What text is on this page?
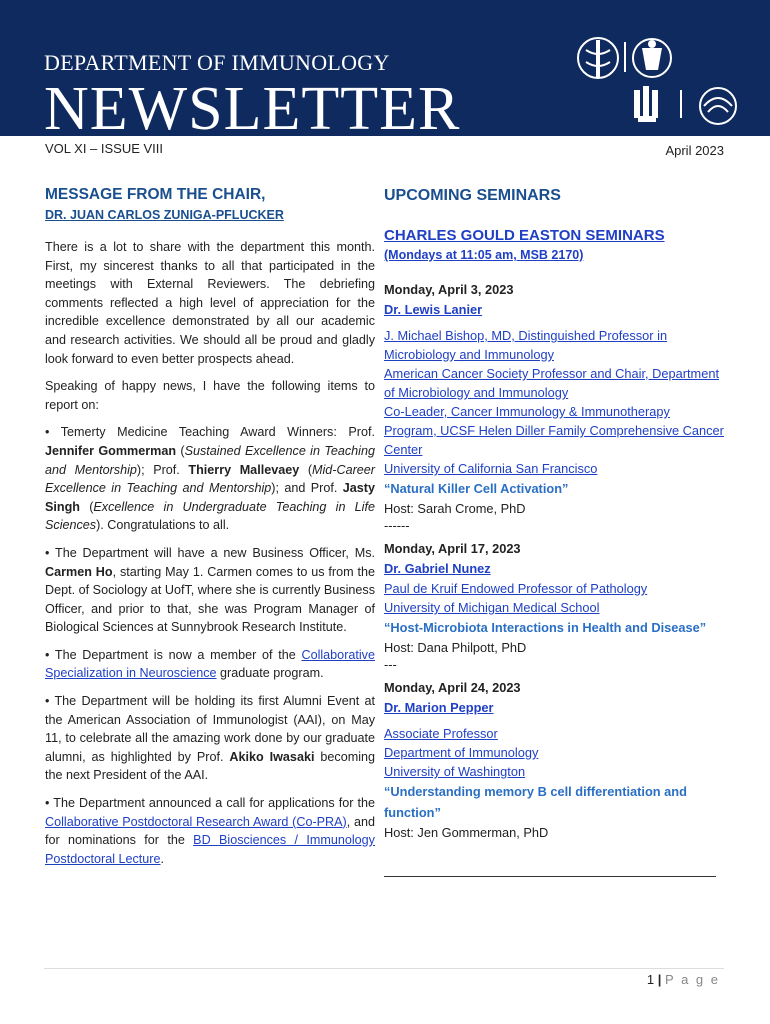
DEPARTMENT OF IMMUNOLOGY
NEWSLETTER
VOL XI – ISSUE VIII	April 2023
MESSAGE FROM THE CHAIR,
DR. JUAN CARLOS ZUNIGA-PFLUCKER

There is a lot to share with the department this month. First, my sincerest thanks to all that participated in the meetings with External Reviewers. The debriefing comments reflected a high level of appreciation for the incredible excellence demonstrated by all our academic and research activities. We should all be proud and gladly look forward to even better prospects ahead.

Speaking of happy news, I have the following items to report on:

• Temerty Medicine Teaching Award Winners: Prof. Jennifer Gommerman (Sustained Excellence in Teaching and Mentorship); Prof. Thierry Mallevaey (Mid-Career Excellence in Teaching and Mentorship); and Prof. Jasty Singh (Excellence in Undergraduate Teaching in Life Sciences). Congratulations to all.

• The Department will have a new Business Officer, Ms. Carmen Ho, starting May 1. Carmen comes to us from the Dept. of Sociology at UofT, where she is currently Business Officer, and prior to that, she was Program Manager of Biological Sciences at Sunnybrook Research Institute.

• The Department is now a member of the Collaborative Specialization in Neuroscience graduate program.

• The Department will be holding its first Alumni Event at the American Association of Immunologist (AAI), on May 11, to celebrate all the amazing work done by our graduate alumni, as highlighted by Prof. Akiko Iwasaki becoming the next President of the AAI.

• The Department announced a call for applications for the Collaborative Postdoctoral Research Award (Co-PRA), and for nominations for the BD Biosciences / Immunology Postdoctoral Lecture.

UPCOMING SEMINARS
CHARLES GOULD EASTON SEMINARS
(Mondays at 11:05 am, MSB 2170)
Monday, April 3, 2023
Dr. Lewis Lanier
J. Michael Bishop, MD, Distinguished Professor in Microbiology and Immunology
American Cancer Society Professor and Chair, Department of Microbiology and Immunology
Co-Leader, Cancer Immunology & Immunotherapy Program, UCSF Helen Diller Family Comprehensive Cancer Center
University of California San Francisco
“Natural Killer Cell Activation”
Host: Sarah Crome, PhD
------
Monday, April 17, 2023
Dr. Gabriel Nunez
Paul de Kruif Endowed Professor of Pathology
University of Michigan Medical School
“Host-Microbiota Interactions in Health and Disease”
Host: Dana Philpott, PhD
---
Monday, April 24, 2023
Dr. Marion Pepper
Associate Professor
Department of Immunology
University of Washington
“Understanding memory B cell differentiation and function”
Host: Jen Gommerman, PhD
1 | P a g e
